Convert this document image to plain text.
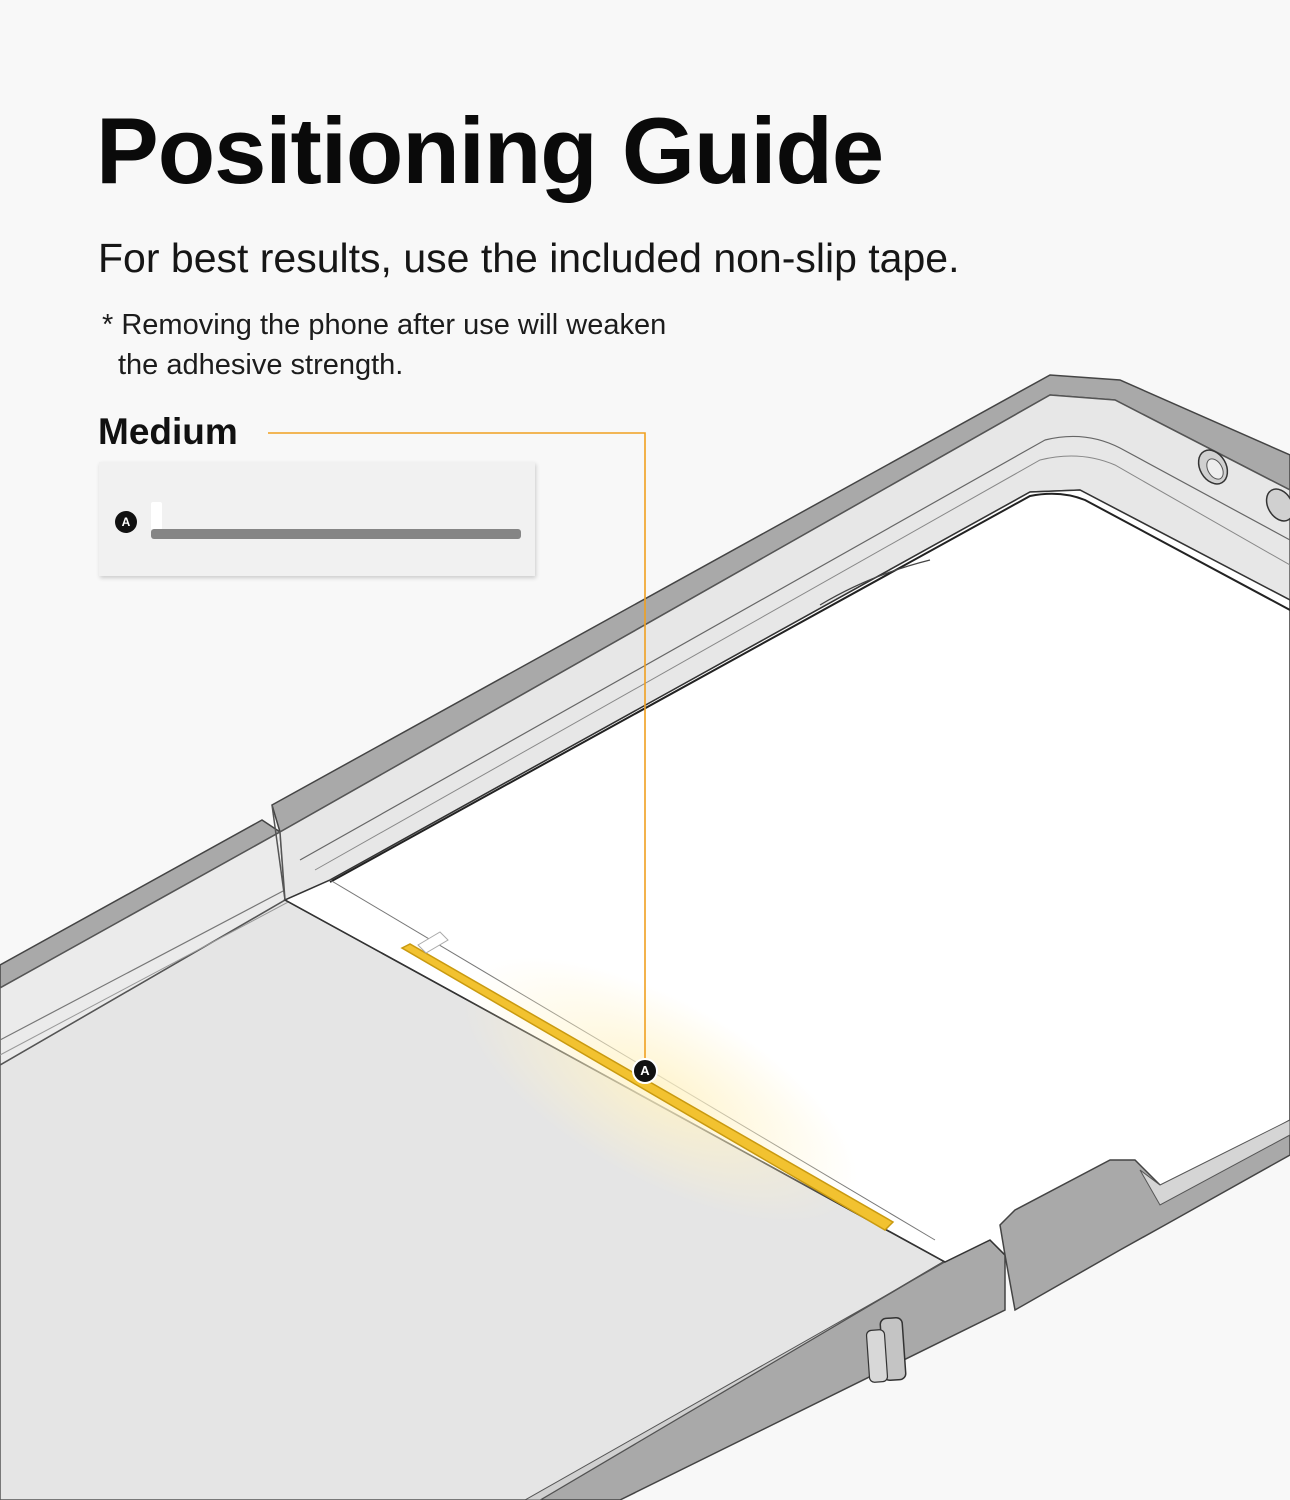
Positioning Guide
For best results, use the included non-slip tape.
* Removing the phone after use will weaken
the adhesive strength.
Medium
A
A
